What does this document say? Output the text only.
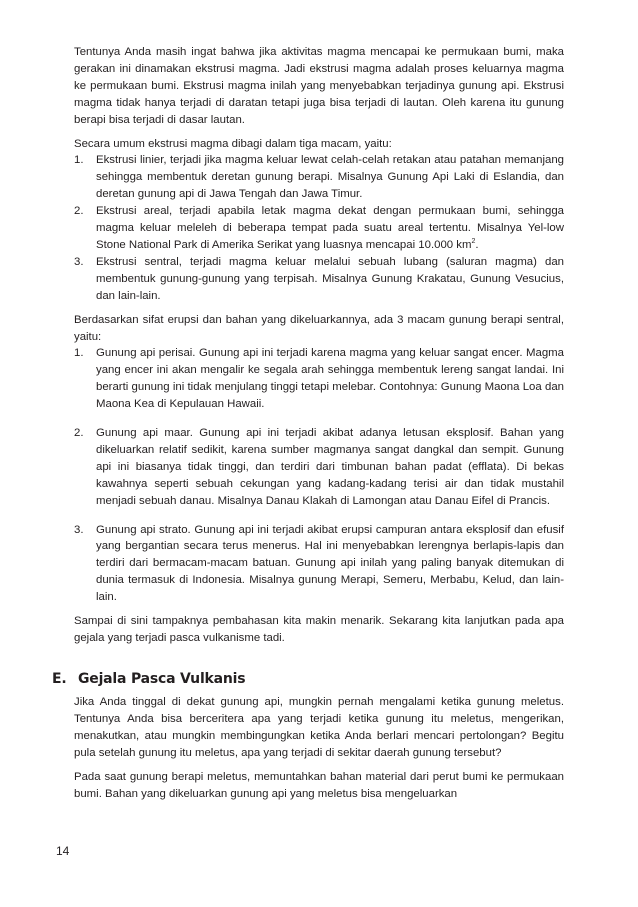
Tentunya Anda masih ingat bahwa jika aktivitas magma mencapai ke permukaan bumi, maka gerakan ini dinamakan ekstrusi magma. Jadi ekstrusi magma adalah proses keluarnya magma ke permukaan bumi. Ekstrusi magma inilah yang menyebabkan terjadinya gunung api. Ekstrusi magma tidak hanya terjadi di daratan tetapi juga bisa terjadi di lautan. Oleh karena itu gunung berapi bisa terjadi di dasar lautan.

Secara umum ekstrusi magma dibagi dalam tiga macam, yaitu:

1. Ekstrusi linier, terjadi jika magma keluar lewat celah-celah retakan atau patahan memanjang sehingga membentuk deretan gunung berapi. Misalnya Gunung Api Laki di Eslandia, dan deretan gunung api di Jawa Tengah dan Jawa Timur.
2. Ekstrusi areal, terjadi apabila letak magma dekat dengan permukaan bumi, sehingga magma keluar meleleh di beberapa tempat pada suatu areal tertentu. Misalnya Yel-low Stone National Park di Amerika Serikat yang luasnya mencapai 10.000 $km^2$.
3. Ekstrusi sentral, terjadi magma keluar melalui sebuah lubang (saluran magma) dan membentuk gunung-gunung yang terpisah. Misalnya Gunung Krakatau, Gunung Vesucius, dan lain-lain.

Berdasarkan sifat erupsi dan bahan yang dikeluarkannya, ada 3 macam gunung berapi sentral, yaitu:

1. Gunung api perisai. Gunung api ini terjadi karena magma yang keluar sangat encer. Magma yang encer ini akan mengalir ke segala arah sehingga membentuk lereng sangat landai. Ini berarti gunung ini tidak menjulang tinggi tetapi melebar. Contohnya: Gunung Maona Loa dan Maona Kea di Kepulauan Hawaii.
2. Gunung api maar. Gunung api ini terjadi akibat adanya letusan eksplosif. Bahan yang dikeluarkan relatif sedikit, karena sumber magmanya sangat dangkal dan sempit. Gunung api ini biasanya tidak tinggi, dan terdiri dari timbunan bahan padat (efflata). Di bekas kawahnya seperti sebuah cekungan yang kadang-kadang terisi air dan tidak mustahil menjadi sebuah danau. Misalnya Danau Klakah di Lamongan atau Danau Eifel di Prancis.
3. Gunung api strato. Gunung api ini terjadi akibat erupsi campuran antara eksplosif dan efusif yang bergantian secara terus menerus. Hal ini menyebabkan lerengnya berlapis-lapis dan terdiri dari bermacam-macam batuan. Gunung api inilah yang paling banyak ditemukan di dunia termasuk di Indonesia. Misalnya gunung Merapi, Semeru, Merbabu, Kelud, dan lain-lain.

Sampai di sini tampaknya pembahasan kita makin menarik. Sekarang kita lanjutkan pada apa gejala yang terjadi pasca vulkanisme tadi.

E. Gejala Pasca Vulkanis

Jika Anda tinggal di dekat gunung api, mungkin pernah mengalami ketika gunung meletus. Tentunya Anda bisa berceritera apa yang terjadi ketika gunung itu meletus, mengerikan, menakutkan, atau mungkin membingungkan ketika Anda berlari mencari pertolongan? Begitu pula setelah gunung itu meletus, apa yang terjadi di sekitar daerah gunung tersebut?

Pada saat gunung berapi meletus, memuntahkan bahan material dari perut bumi ke permukaan bumi. Bahan yang dikeluarkan gunung api yang meletus bisa mengeluarkan

14
